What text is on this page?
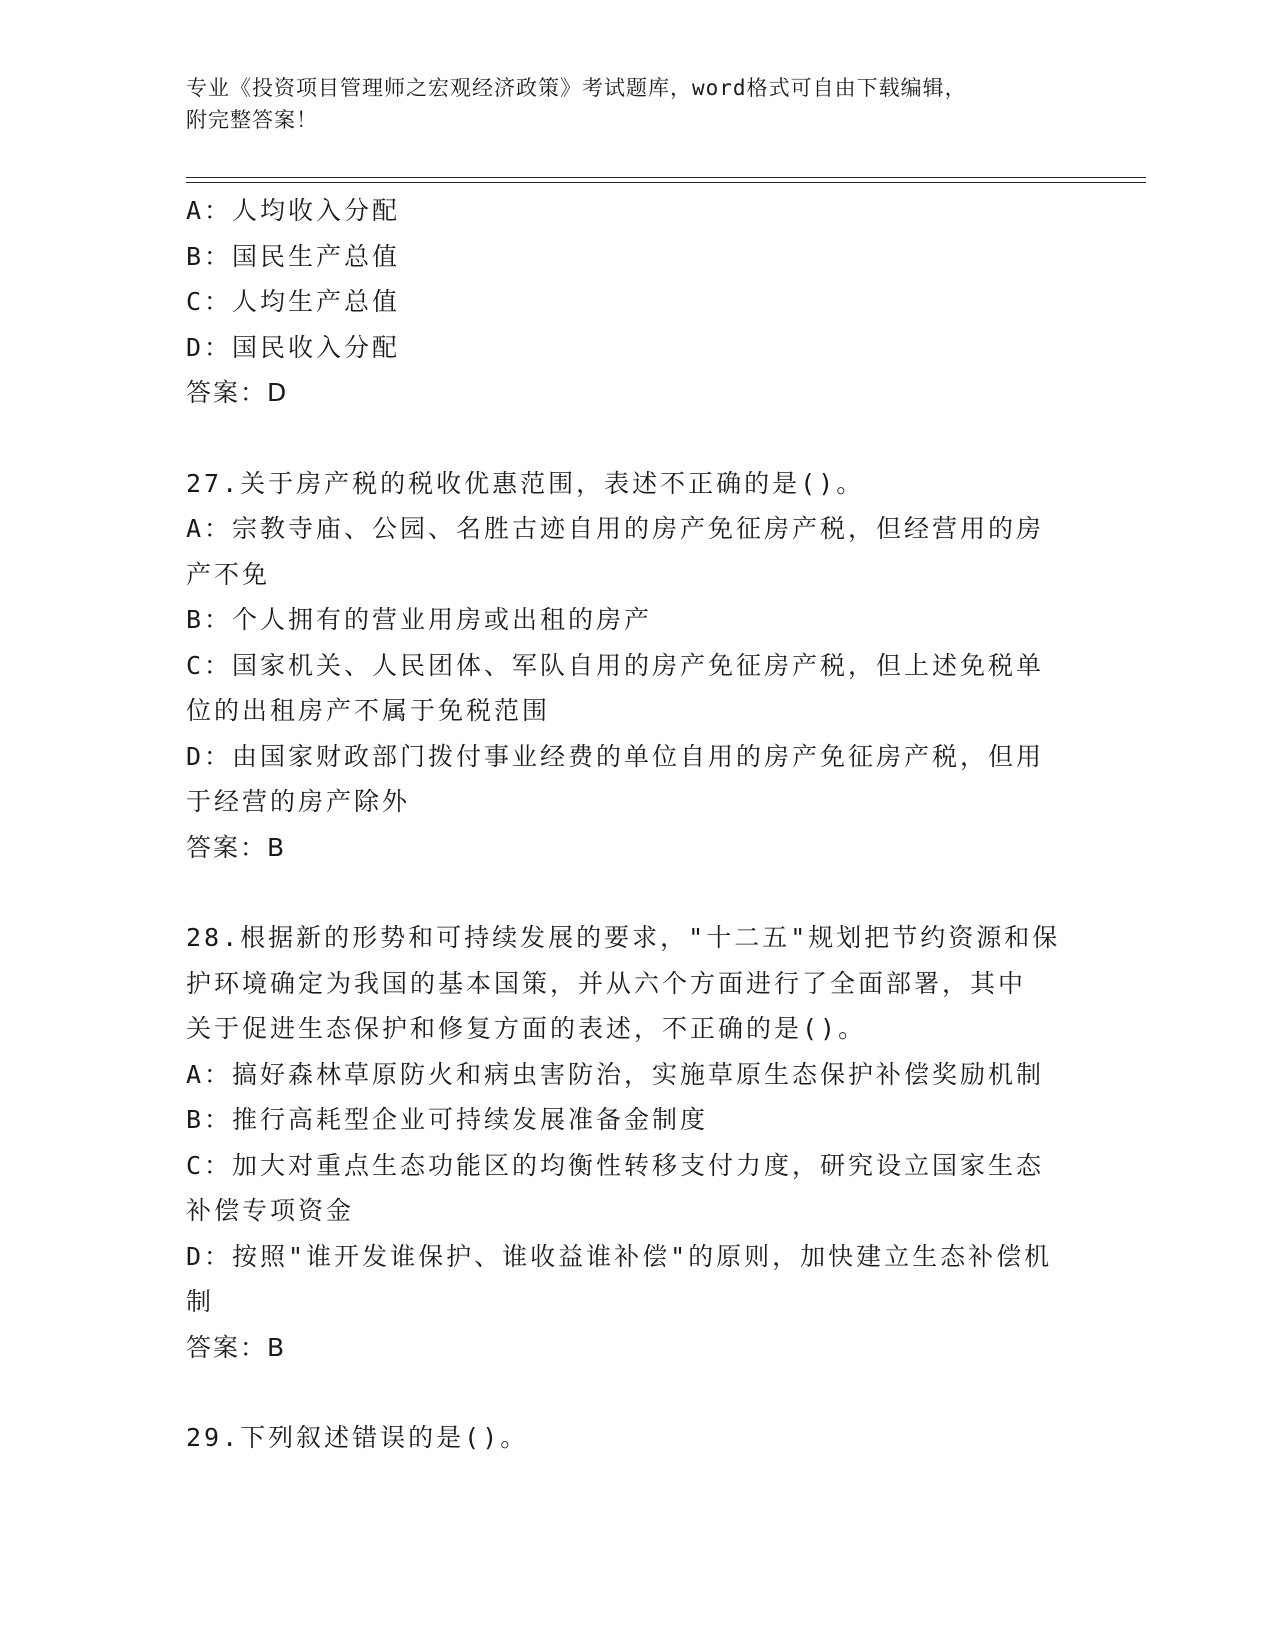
专业《投资项目管理师之宏观经济政策》考试题库，word格式可自由下载编辑，
附完整答案！
A：人均收入分配
B：国民生产总值
C：人均生产总值
D：国民收入分配
答案：D
27.关于房产税的税收优惠范围，表述不正确的是()。
A：宗教寺庙、公园、名胜古迹自用的房产免征房产税，但经营用的房
产不免
B：个人拥有的营业用房或出租的房产
C：国家机关、人民团体、军队自用的房产免征房产税，但上述免税单
位的出租房产不属于免税范围
D：由国家财政部门拨付事业经费的单位自用的房产免征房产税，但用
于经营的房产除外
答案：B
28.根据新的形势和可持续发展的要求，"十二五"规划把节约资源和保
护环境确定为我国的基本国策，并从六个方面进行了全面部署，其中
关于促进生态保护和修复方面的表述，不正确的是()。
A：搞好森林草原防火和病虫害防治，实施草原生态保护补偿奖励机制
B：推行高耗型企业可持续发展准备金制度
C：加大对重点生态功能区的均衡性转移支付力度，研究设立国家生态
补偿专项资金
D：按照"谁开发谁保护、谁收益谁补偿"的原则，加快建立生态补偿机
制
答案：B
29.下列叙述错误的是()。
